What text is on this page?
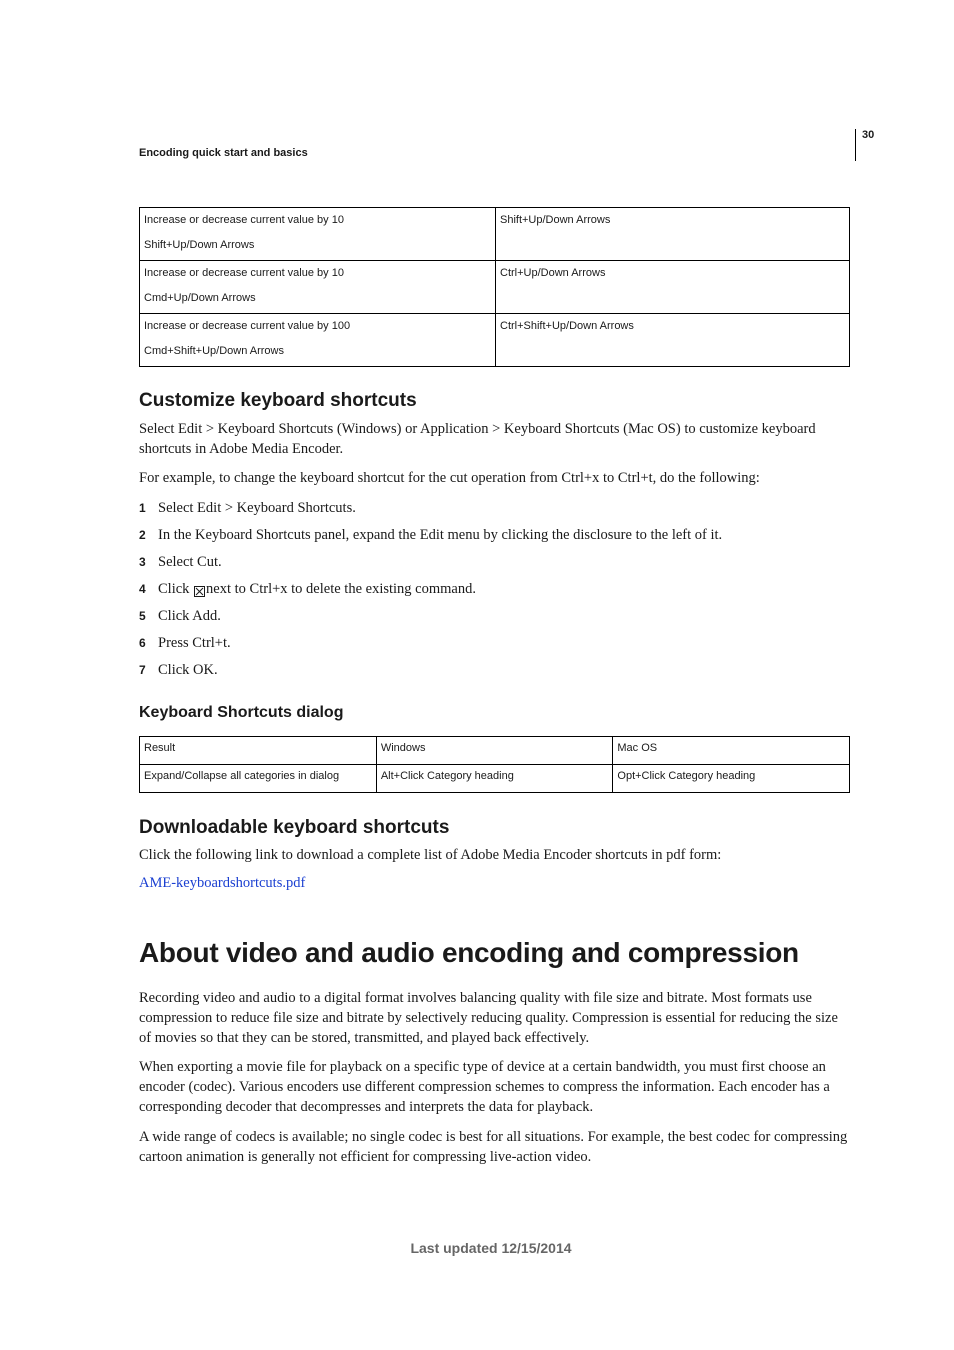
30
Encoding quick start and basics
Increase or decrease current value by 10
Shift+Up/Down Arrows	Shift+Up/Down Arrows

Increase or decrease current value by 10
Cmd+Up/Down Arrows	Ctrl+Up/Down Arrows

Increase or decrease current value by 100
Cmd+Shift+Up/Down Arrows	Ctrl+Shift+Up/Down Arrows
Customize keyboard shortcuts

Select Edit > Keyboard Shortcuts (Windows) or Application > Keyboard Shortcuts (Mac OS) to customize keyboard shortcuts in Adobe Media Encoder.

For example, to change the keyboard shortcut for the cut operation from Ctrl+x to Ctrl+t, do the following:

1 Select Edit > Keyboard Shortcuts.
2 In the Keyboard Shortcuts panel, expand the Edit menu by clicking the disclosure to the left of it.
3 Select Cut.
4 Click next to Ctrl+x to delete the existing command.
5 Click Add.
6 Press Ctrl+t.
7 Click OK.
Keyboard Shortcuts dialog
Result	Windows	Mac OS
Expand/Collapse all categories in dialog	Alt+Click Category heading	Opt+Click Category heading
Downloadable keyboard shortcuts

Click the following link to download a complete list of Adobe Media Encoder shortcuts in pdf form:

AME-keyboardshortcuts.pdf
About video and audio encoding and compression

Recording video and audio to a digital format involves balancing quality with file size and bitrate. Most formats use compression to reduce file size and bitrate by selectively reducing quality. Compression is essential for reducing the size of movies so that they can be stored, transmitted, and played back effectively.

When exporting a movie file for playback on a specific type of device at a certain bandwidth, you must first choose an encoder (codec). Various encoders use different compression schemes to compress the information. Each encoder has a corresponding decoder that decompresses and interprets the data for playback.

A wide range of codecs is available; no single codec is best for all situations. For example, the best codec for compressing cartoon animation is generally not efficient for compressing live-action video.

Last updated 12/15/2014
